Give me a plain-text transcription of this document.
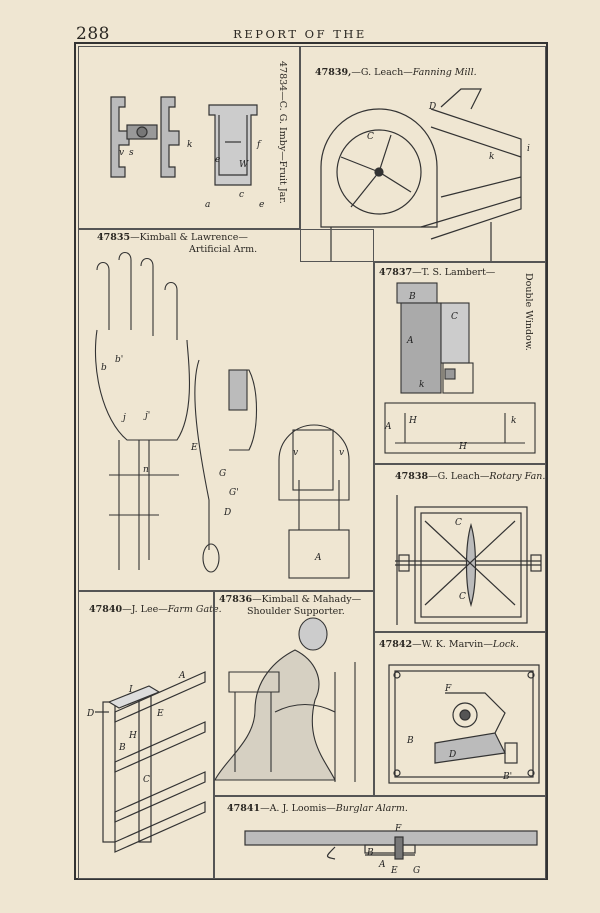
288	REPORT OF THE
47834—C. G. Imby—Fruit Jar.
a	e
c
W
f
e
k
v s
47839,—G. Leach—Fanning Mill.
D
C
k
i
47835—Kimball & Lawrence—
Artificial Arm.
b
b'
j j'
n
E
G
G'
D
v	v
A
47837—T. S. Lambert—
Double Window.
B
C
A
k
A
H
H
k
47838—G. Leach—Rotary Fan.
C
C
47840—J. Lee—Farm Gate.
D
I
E
H
B
A
C
47836—Kimball & Mahady—
Shoulder Supporter.
47842—W. K. Marvin—Lock.
F
B
D
B'
47841—A. J. Loomis—Burglar Alarm.
F
B
A
E G
